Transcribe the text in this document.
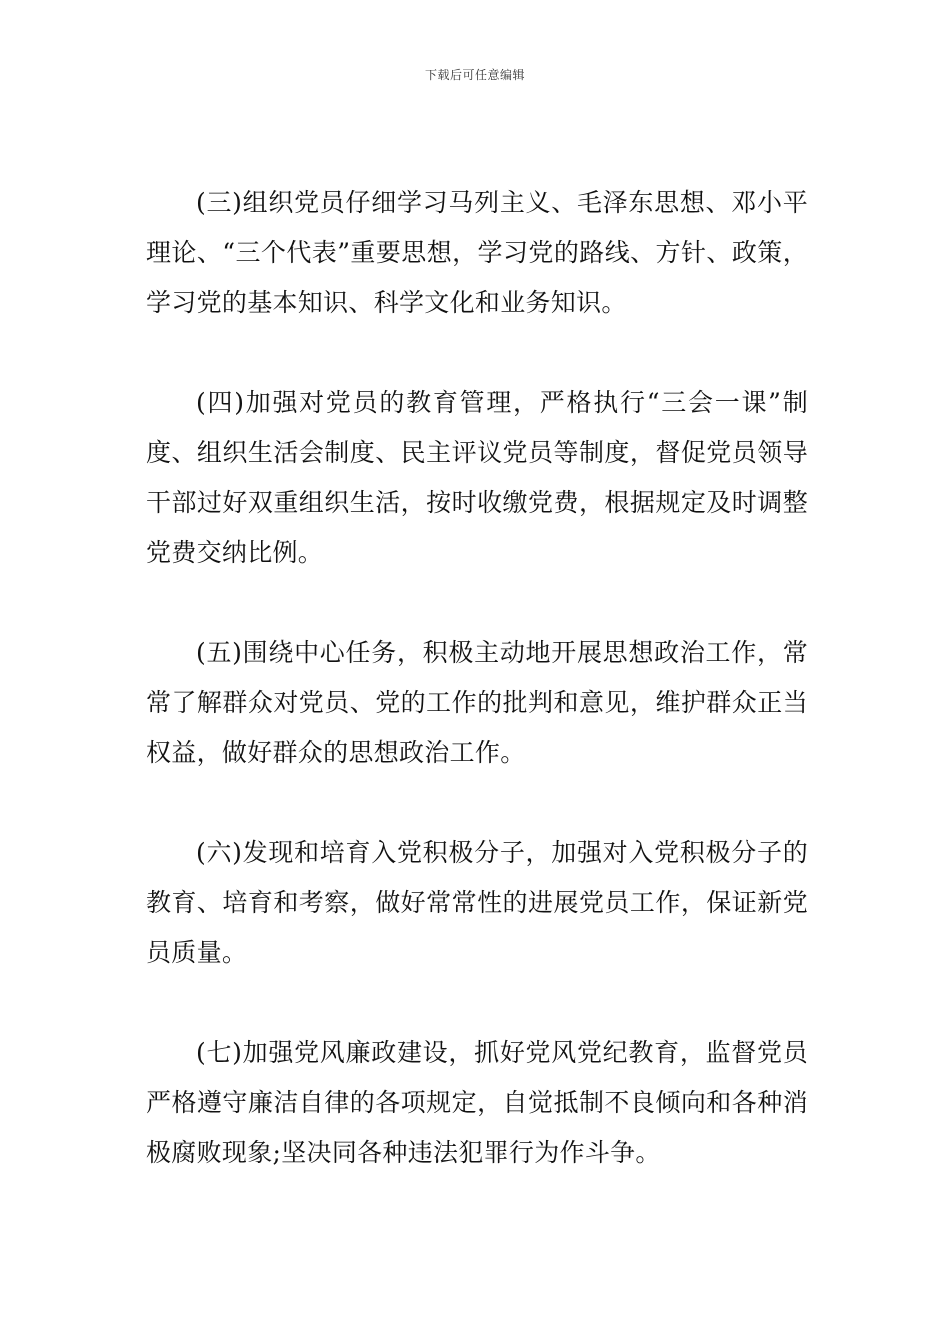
下载后可任意编辑

(三)组织党员仔细学习马列主义、毛泽东思想、邓小平理论、“三个代表”重要思想，学习党的路线、方针、政策，学习党的基本知识、科学文化和业务知识。

(四)加强对党员的教育管理，严格执行“三会一课”制度、组织生活会制度、民主评议党员等制度，督促党员领导干部过好双重组织生活，按时收缴党费，根据规定及时调整党费交纳比例。

(五)围绕中心任务，积极主动地开展思想政治工作，常常了解群众对党员、党的工作的批判和意见，维护群众正当权益，做好群众的思想政治工作。

(六)发现和培育入党积极分子，加强对入党积极分子的教育、培育和考察，做好常常性的进展党员工作，保证新党员质量。

(七)加强党风廉政建设，抓好党风党纪教育，监督党员严格遵守廉洁自律的各项规定，自觉抵制不良倾向和各种消极腐败现象;坚决同各种违法犯罪行为作斗争。
